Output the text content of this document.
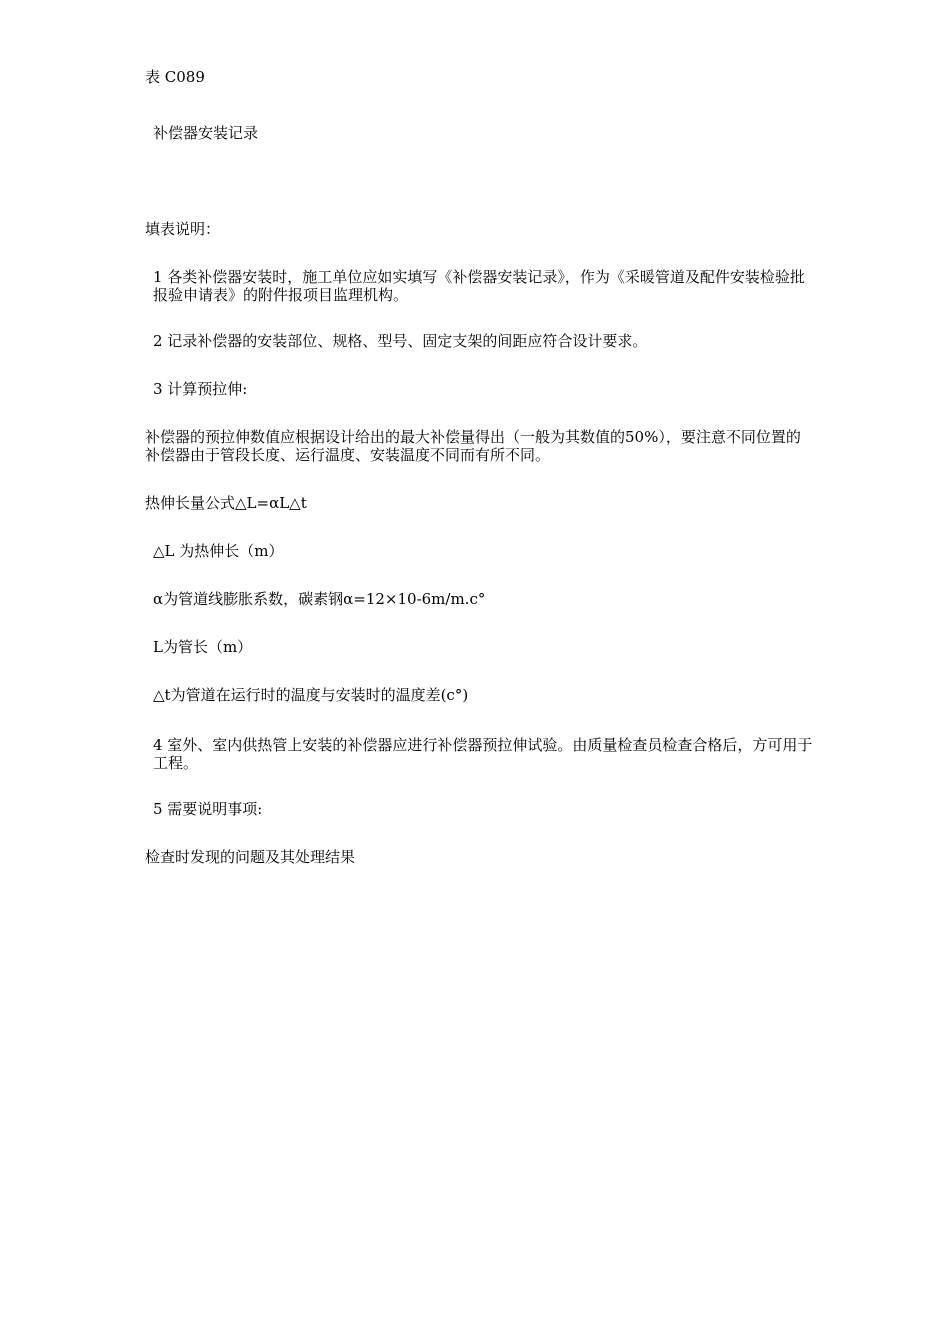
表 C089

补偿器安装记录

填表说明：

1 各类补偿器安装时，施工单位应如实填写《补偿器安装记录》，作为《采暖管道及配件安装检验批报验申请表》的附件报项目监理机构。

2 记录补偿器的安装部位、规格、型号、固定支架的间距应符合设计要求。

3 计算预拉伸:

补偿器的预拉伸数值应根据设计给出的最大补偿量得出（一般为其数值的50%），要注意不同位置的补偿器由于管段长度、运行温度、安装温度不同而有所不同。

热伸长量公式△L=αL△t

△L 为热伸长（m）

α为管道线膨胀系数，碳素钢α=12×10-6m/m.c°

L为管长（m）

△t为管道在运行时的温度与安装时的温度差(c°)

4 室外、室内供热管上安装的补偿器应进行补偿器预拉伸试验。由质量检查员检查合格后，方可用于工程。

5 需要说明事项:

检查时发现的问题及其处理结果
